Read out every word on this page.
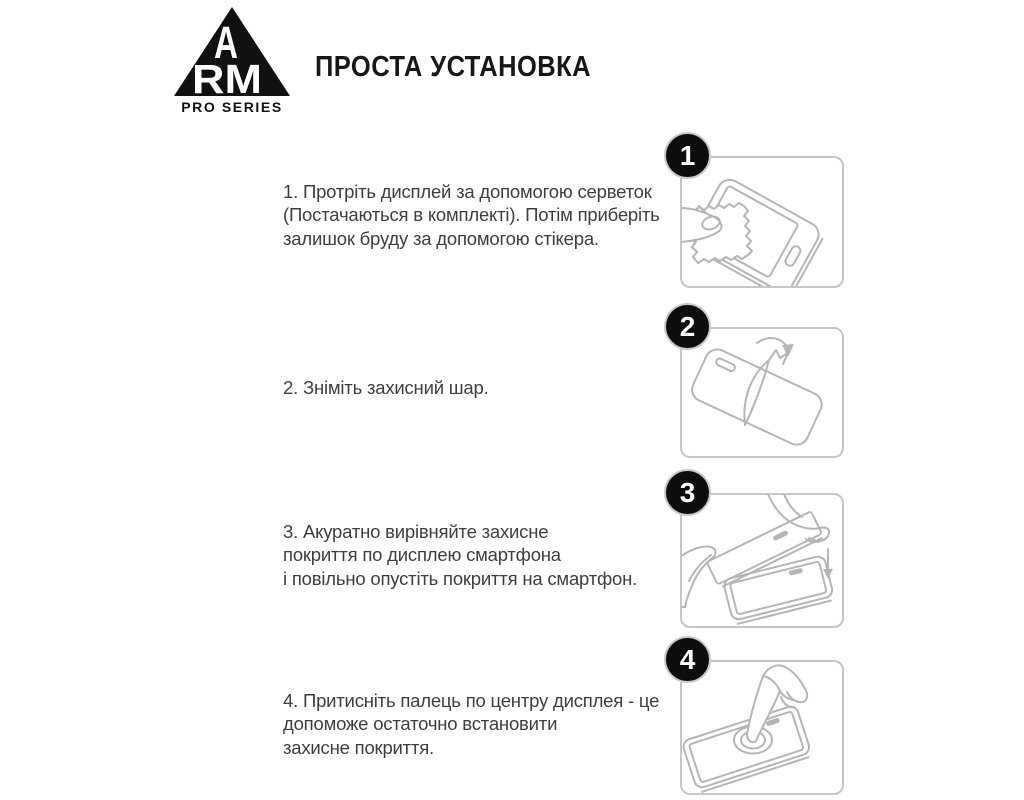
A
RM
PRO SERIES
ПРОСТА УСТАНОВКА
1. Протріть дисплей за допомогою серветок
(Постачаються в комплекті). Потім приберіть
залишок бруду за допомогою стікера.
1
2. Зніміть захисний шар.
2
3. Акуратно вирівняйте захисне
покриття по дисплею смартфона
і повільно опустіть покриття на смартфон.
3
4. Притисніть палець по центру дисплея - це
допоможе остаточно встановити
захисне покриття.
4
